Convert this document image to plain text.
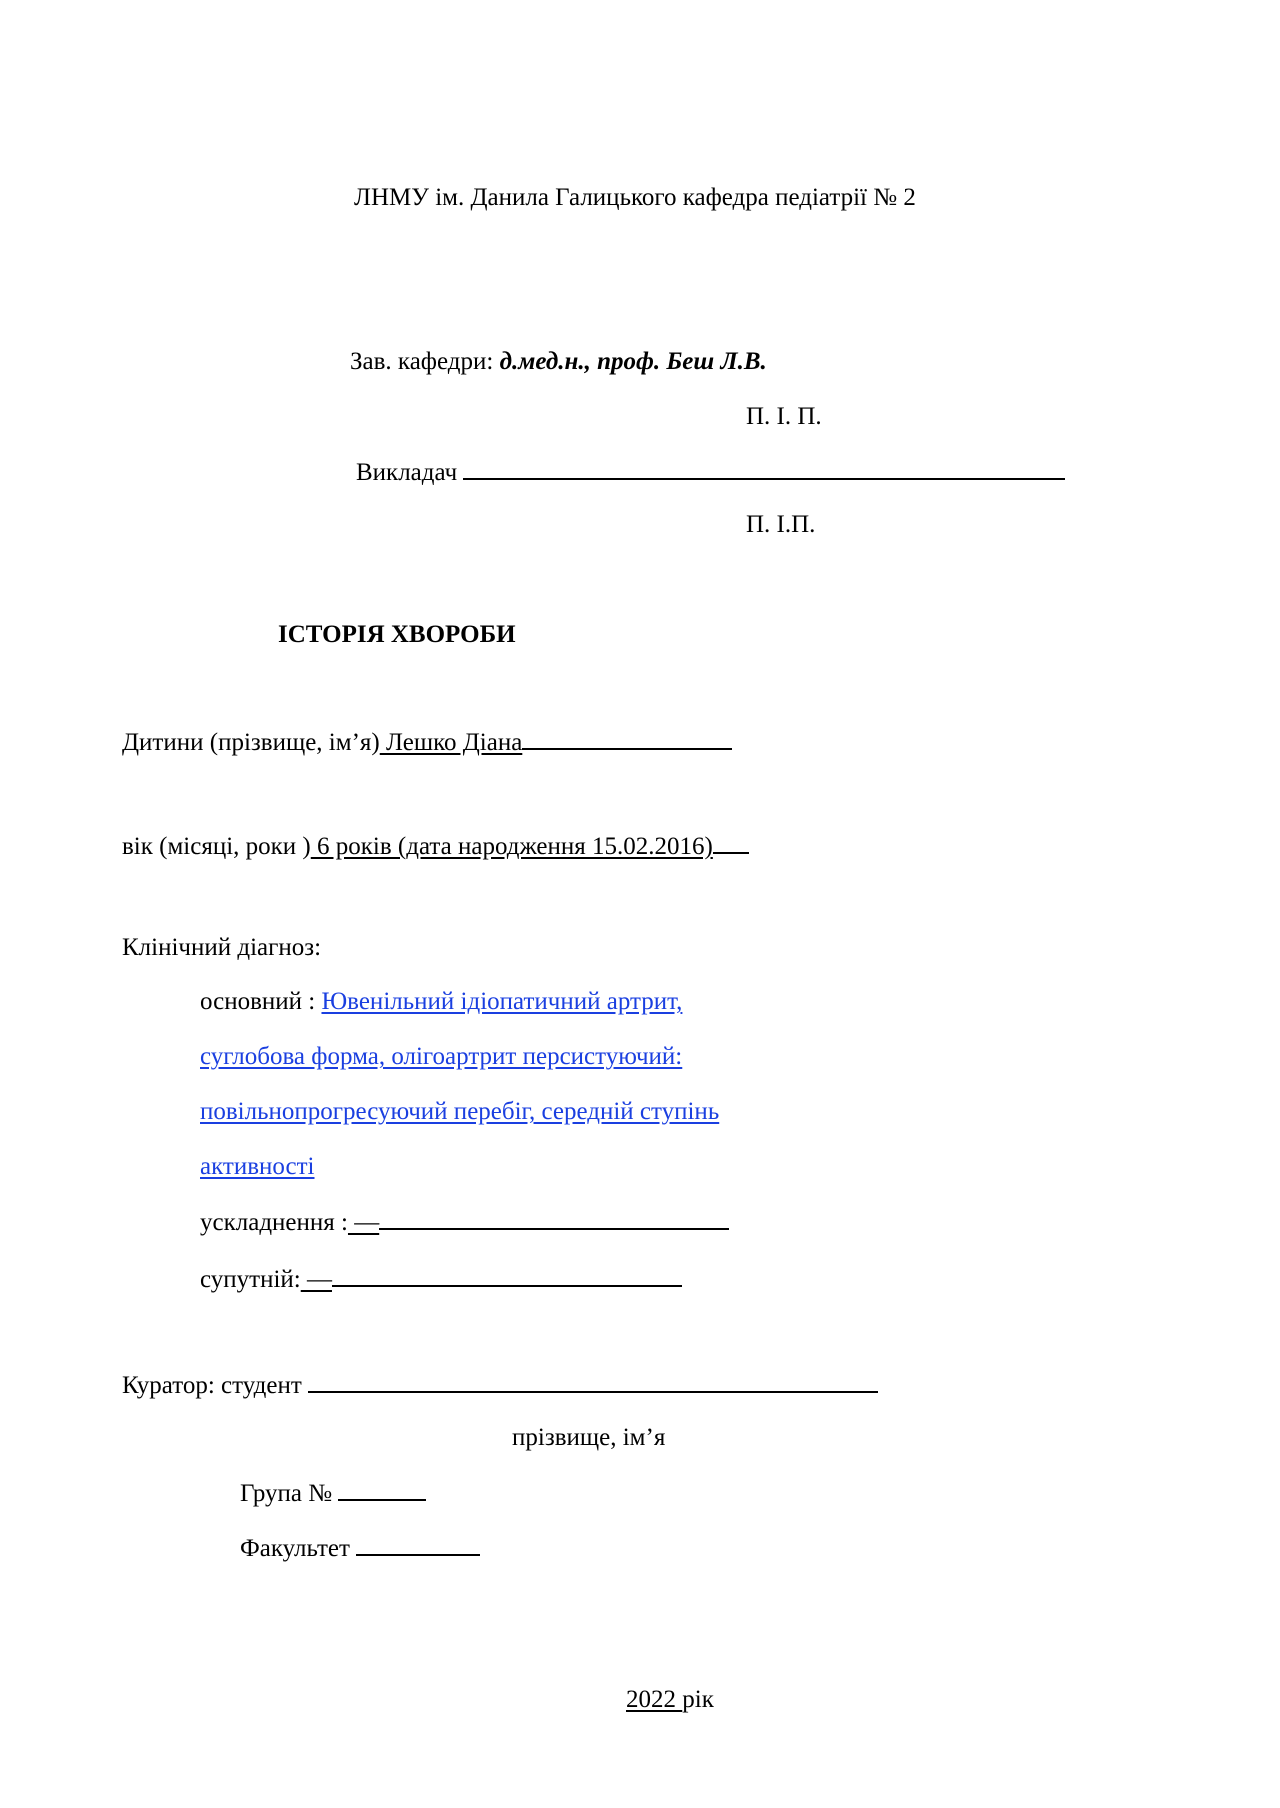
ЛНМУ ім. Данила Галицького кафедра педіатрії № 2
Зав. кафедри: д.мед.н., проф. Беш Л.В.
П. І. П.
Викладач
П. І.П.
ІСТОРІЯ ХВОРОБИ
Дитини (прізвище, ім’я) Лешко Діана
вік (місяці, роки ) 6 років (дата народження 15.02.2016)
Клінічний діагноз:
основний : Ювенільний ідіопатичний артрит,
суглобова форма, олігоартрит персистуючий:
повільнопрогресуючий перебіг, середній ступінь
активності
ускладнення : —
супутній: —
Куратор: студент
прізвище, ім’я
Група №
Факультет
2022 рік
